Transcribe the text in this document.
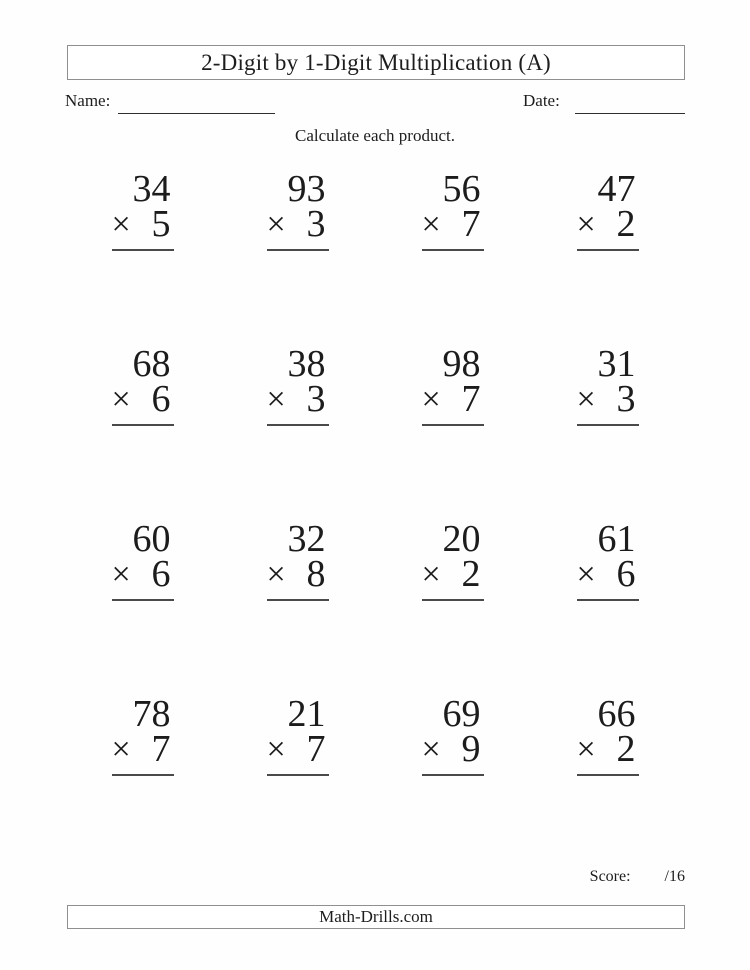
2-Digit by 1-Digit Multiplication (A)
Name:	Date:
Calculate each product.
34
× 5
93
× 3
56
× 7
47
× 2
68
× 6
38
× 3
98
× 7
31
× 3
60
× 6
32
× 8
20
× 2
61
× 6
78
× 7
21
× 7
69
× 9
66
× 2
Score: /16
Math-Drills.com
